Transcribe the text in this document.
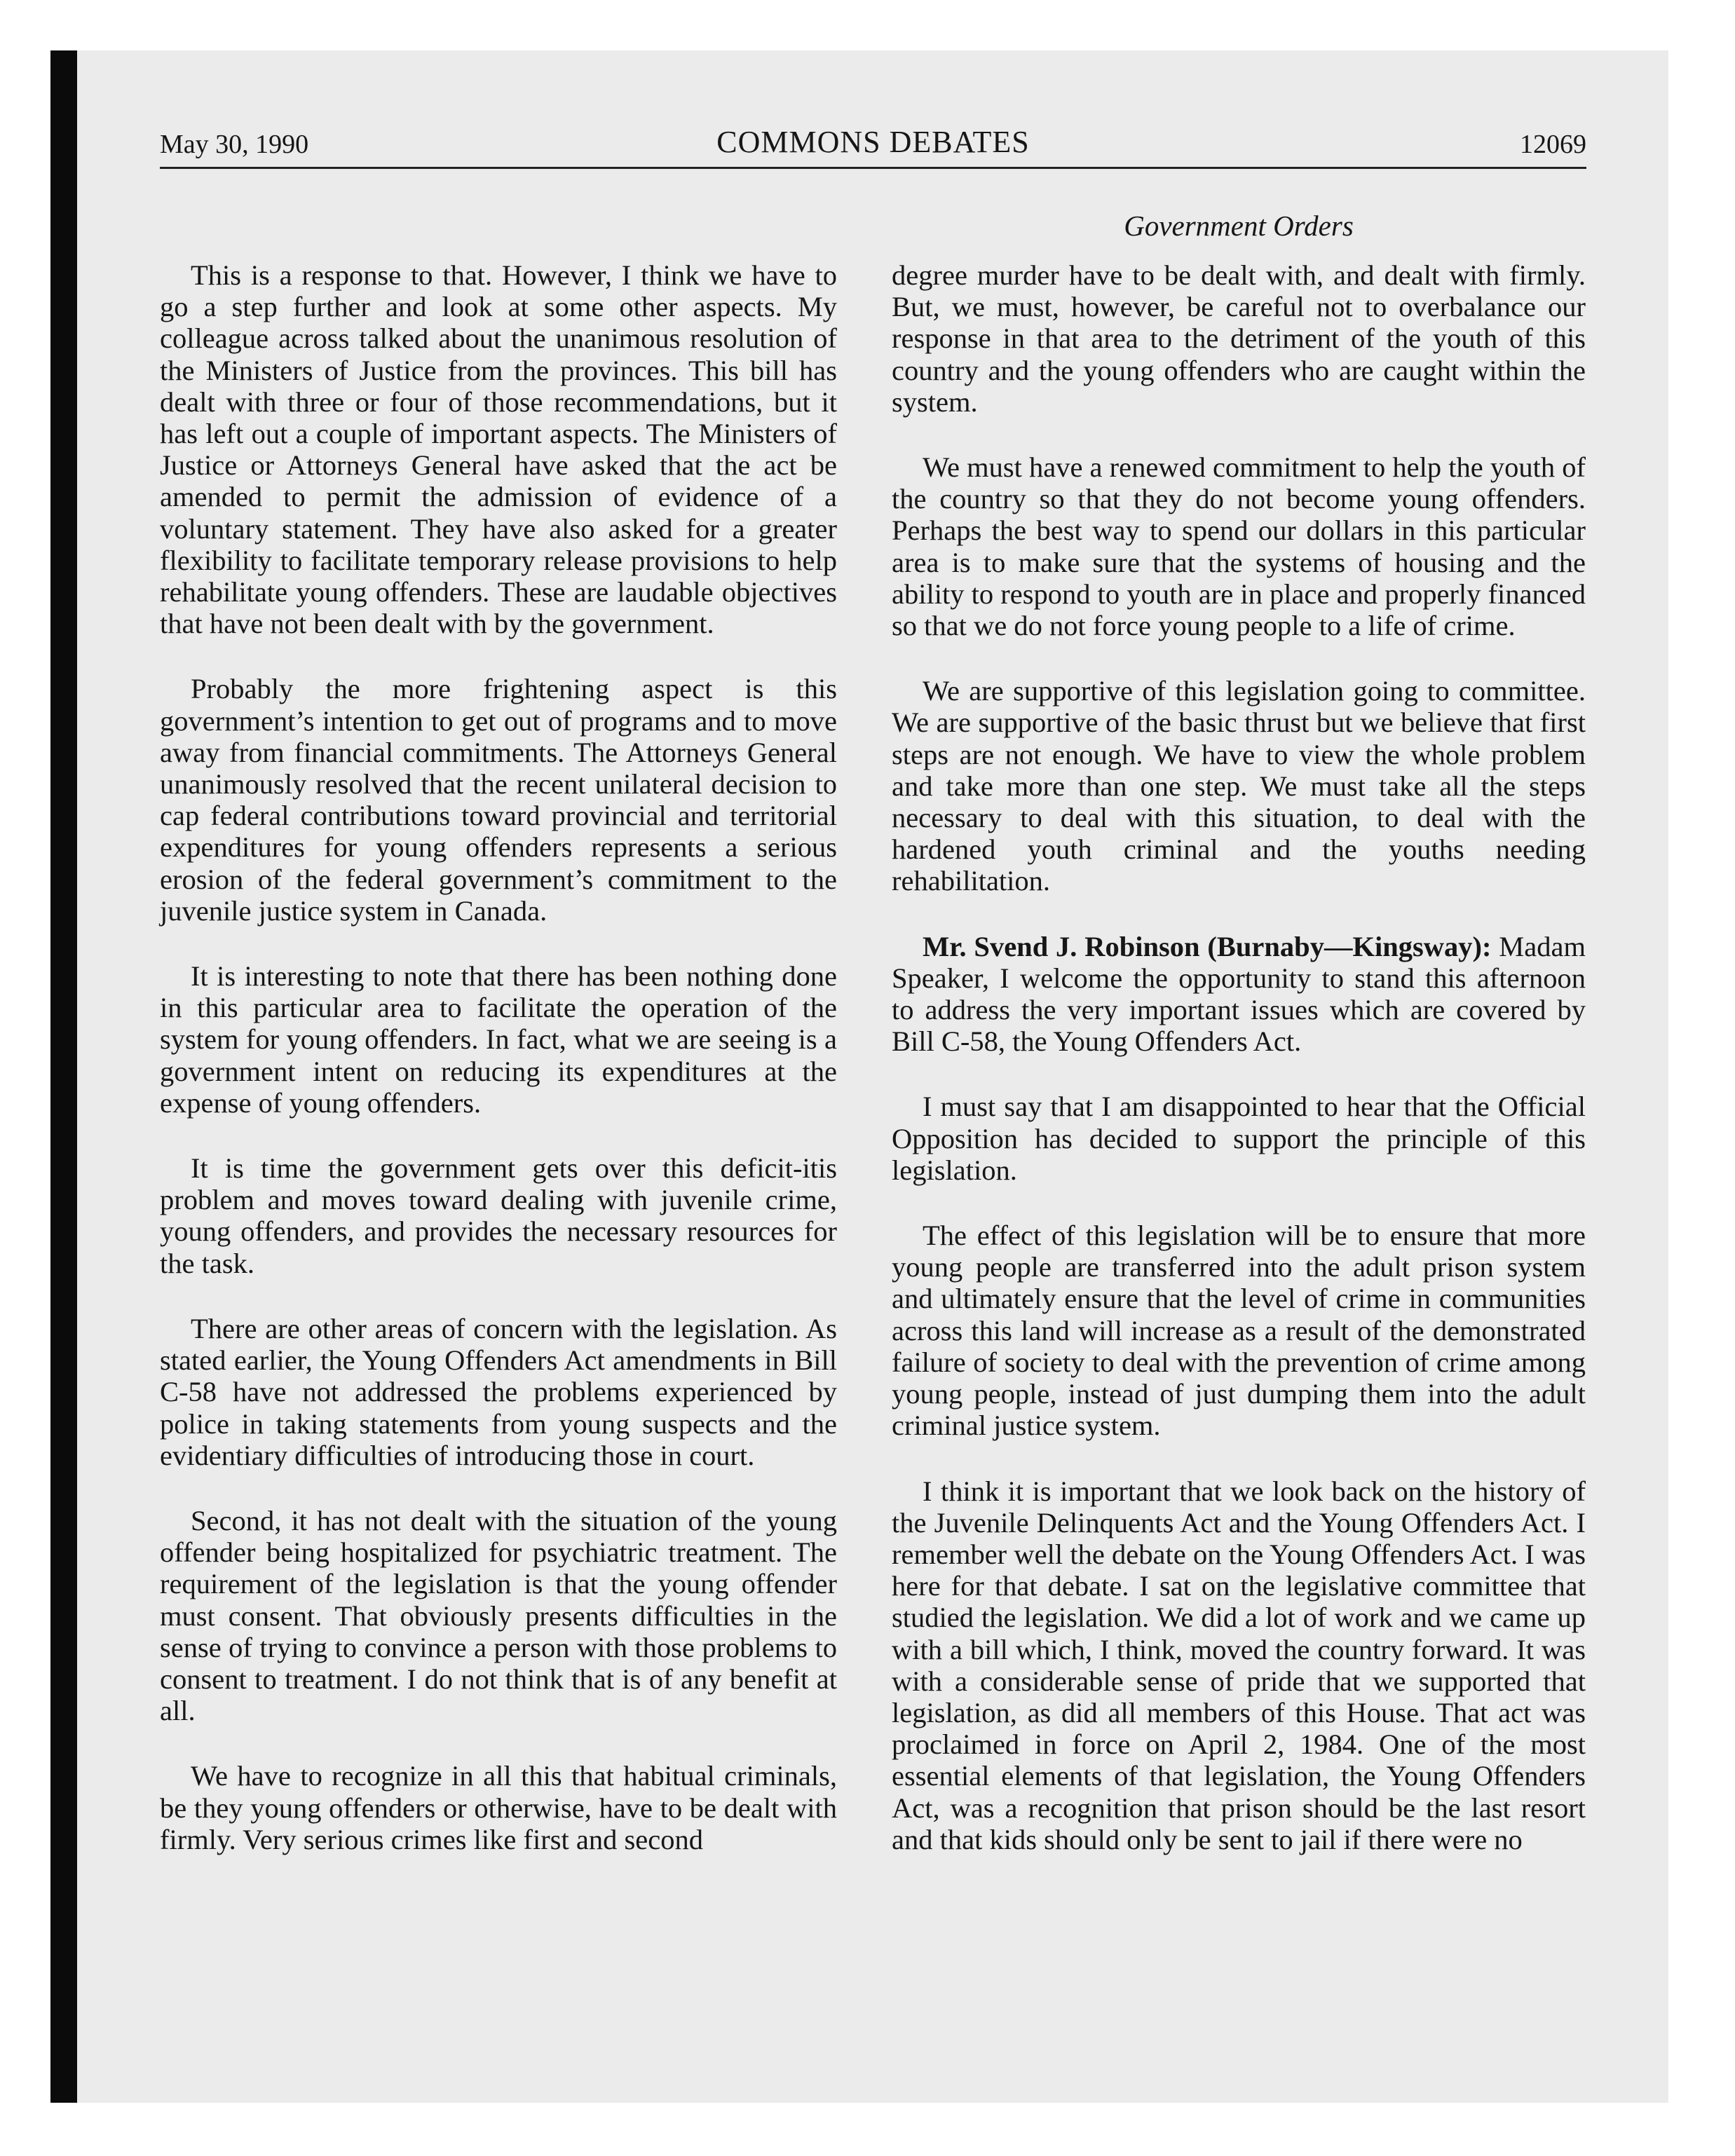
May 30, 1990	COMMONS DEBATES	12069
Government Orders

This is a response to that. However, I think we have to go a step further and look at some other aspects. My colleague across talked about the unanimous resolution of the Ministers of Justice from the provinces. This bill has dealt with three or four of those recommendations, but it has left out a couple of important aspects. The Ministers of Justice or Attorneys General have asked that the act be amended to permit the admission of evidence of a voluntary statement. They have also asked for a greater flexibility to facilitate temporary release provisions to help rehabilitate young offenders. These are laudable objectives that have not been dealt with by the government.

Probably the more frightening aspect is this government’s intention to get out of programs and to move away from financial commitments. The Attorneys General unanimously resolved that the recent unilateral decision to cap federal contributions toward provincial and territorial expenditures for young offenders represents a serious erosion of the federal government’s commitment to the juvenile justice system in Canada.

It is interesting to note that there has been nothing done in this particular area to facilitate the operation of the system for young offenders. In fact, what we are seeing is a government intent on reducing its expenditures at the expense of young offenders.

It is time the government gets over this deficit-itis problem and moves toward dealing with juvenile crime, young offenders, and provides the necessary resources for the task.

There are other areas of concern with the legislation. As stated earlier, the Young Offenders Act amendments in Bill C-58 have not addressed the problems experienced by police in taking statements from young suspects and the evidentiary difficulties of introducing those in court.

Second, it has not dealt with the situation of the young offender being hospitalized for psychiatric treatment. The requirement of the legislation is that the young offender must consent. That obviously presents difficulties in the sense of trying to convince a person with those problems to consent to treatment. I do not think that is of any benefit at all.

We have to recognize in all this that habitual criminals, be they young offenders or otherwise, have to be dealt with firmly. Very serious crimes like first and second

degree murder have to be dealt with, and dealt with firmly. But, we must, however, be careful not to overbalance our response in that area to the detriment of the youth of this country and the young offenders who are caught within the system.

We must have a renewed commitment to help the youth of the country so that they do not become young offenders. Perhaps the best way to spend our dollars in this particular area is to make sure that the systems of housing and the ability to respond to youth are in place and properly financed so that we do not force young people to a life of crime.

We are supportive of this legislation going to committee. We are supportive of the basic thrust but we believe that first steps are not enough. We have to view the whole problem and take more than one step. We must take all the steps necessary to deal with this situation, to deal with the hardened youth criminal and the youths needing rehabilitation.

Mr. Svend J. Robinson (Burnaby—Kingsway): Madam Speaker, I welcome the opportunity to stand this afternoon to address the very important issues which are covered by Bill C-58, the Young Offenders Act.

I must say that I am disappointed to hear that the Official Opposition has decided to support the principle of this legislation.

The effect of this legislation will be to ensure that more young people are transferred into the adult prison system and ultimately ensure that the level of crime in communities across this land will increase as a result of the demonstrated failure of society to deal with the prevention of crime among young people, instead of just dumping them into the adult criminal justice system.

I think it is important that we look back on the history of the Juvenile Delinquents Act and the Young Offenders Act. I remember well the debate on the Young Offenders Act. I was here for that debate. I sat on the legislative committee that studied the legislation. We did a lot of work and we came up with a bill which, I think, moved the country forward. It was with a considerable sense of pride that we supported that legislation, as did all members of this House. That act was proclaimed in force on April 2, 1984. One of the most essential elements of that legislation, the Young Offenders Act, was a recognition that prison should be the last resort and that kids should only be sent to jail if there were no
